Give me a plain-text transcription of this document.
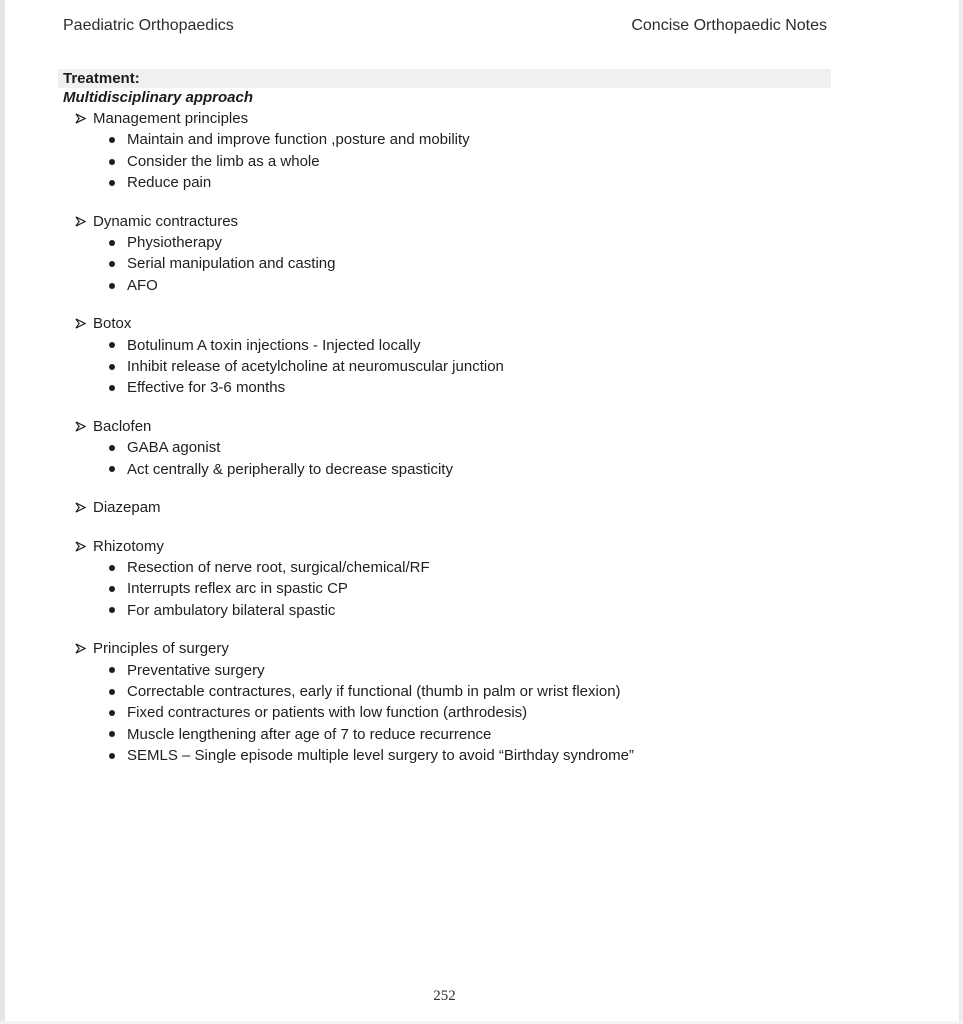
Paediatric Orthopaedics	Concise Orthopaedic Notes
Treatment:
Multidisciplinary approach
Management principles
Maintain and improve function ,posture and mobility
Consider the limb as a whole
Reduce pain
Dynamic contractures
Physiotherapy
Serial manipulation and casting
AFO
Botox
Botulinum A toxin injections - Injected locally
Inhibit release of acetylcholine at neuromuscular junction
Effective for 3-6 months
Baclofen
GABA agonist
Act centrally & peripherally to decrease spasticity
Diazepam
Rhizotomy
Resection of nerve root, surgical/chemical/RF
Interrupts reflex arc in spastic CP
For ambulatory bilateral spastic
Principles of surgery
Preventative surgery
Correctable contractures, early if functional (thumb in palm or wrist flexion)
Fixed contractures or patients with low function (arthrodesis)
Muscle lengthening after age of 7 to reduce recurrence
SEMLS – Single episode multiple level surgery to avoid “Birthday syndrome”
252
